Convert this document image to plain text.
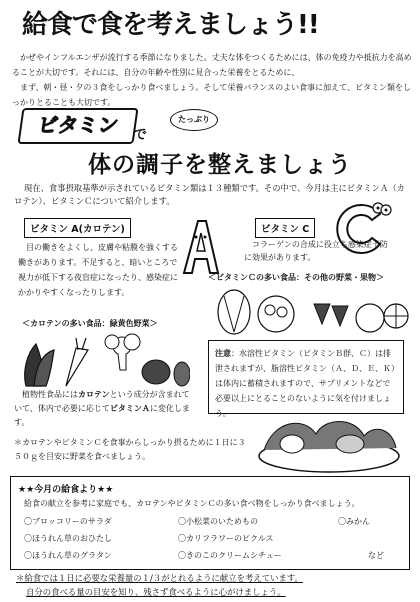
給食で食を考えましょう!!

かぜやインフルエンザが流行する季節になりました。丈夫な体をつくるためには、体の免疫力や抵抗力を高めることが大切です。それには、自分の年齢や性別に見合った栄養をとるために、

まず、朝・昼・夕の３食をしっかり食べましょう。そして栄養バランスのよい食事に加えて、ビタミン類をしっかりとることも大切です。

ビタミン で
たっぷり
体の調子を整えましょう

現在、食事摂取基準が示されているビタミン類は１３種類です。その中で、今月は主にビタミンＡ（カロテン）、ビタミンＣについて紹介します。

ビタミン A(カロテン)

目の働きをよくし、皮膚や粘膜を強くする働きがあります。不足すると、暗いところで視力が低下する夜盲症になったり、感染症にかかりやすくなったりします。

＜カロテンの多い食品：緑黄色野菜＞

植物性食品にはカロテンという成分が含まれていて、体内で必要に応じてビタミンＡに変化します。

ビタミン C

コラーゲンの合成に役立ち感染症予防に効果があります。

＜ビタミンＣの多い食品：その他の野菜・果物＞
注意：水溶性ビタミン（ビタミンＢ群、Ｃ）は排泄されますが、脂溶性ビタミン（Ａ、Ｄ、Ｅ、Ｋ）は体内に蓄積されますので、サプリメントなどで必要以上にとることのないように気を付けましょう。

＊カロテンやビタミンＣを食事からしっかり摂るために１日に３５０ｇを目安に野菜を食べましょう。

★★今月の給食より★★
給食の献立を参考に家庭でも、カロテンやビタミンＣの多い食べ物をしっかり食べましょう。
〇ブロッコリーのサラダ	〇小松菜のいためもの	〇みかん
〇ほうれん草のおひたし	〇カリフラワーのピクルス
〇ほうれん草のグラタン	〇きのこのクリームシチュー	など

＊給食では１日に必要な栄養量の１/３がとれるように献立を考えています。

自分の食べる量の目安を知り、残さず食べるように心がけましょう。
